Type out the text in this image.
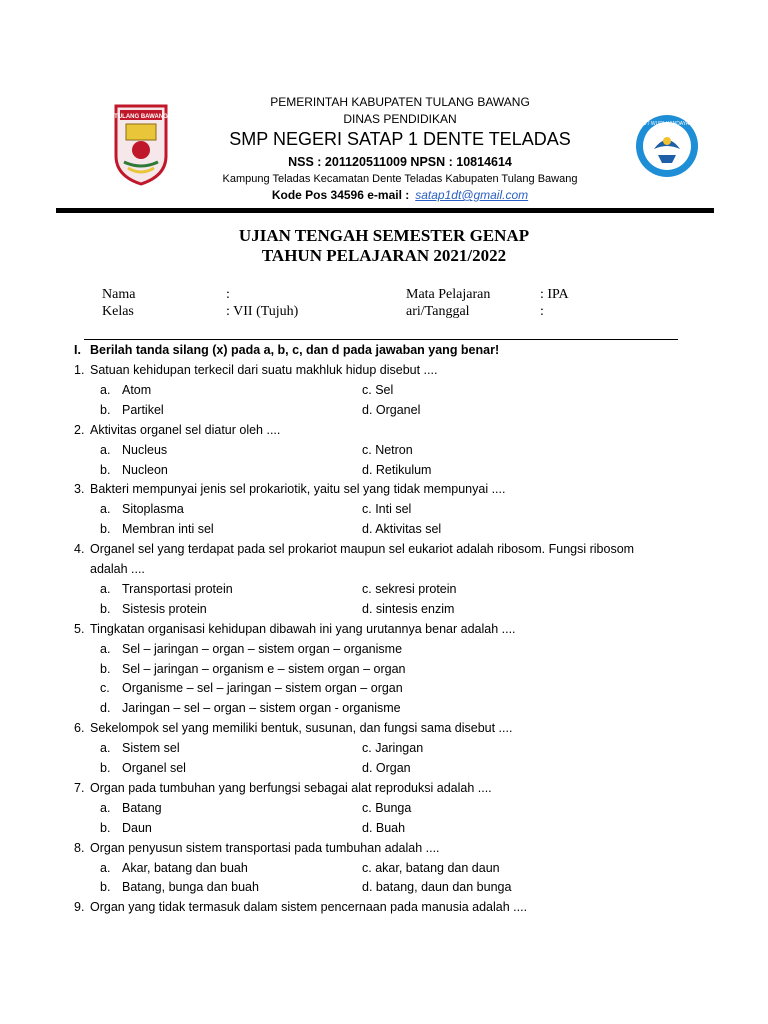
TULANG BAWANG
TUT WURI HANDAYANI
PEMERINTAH KABUPATEN TULANG BAWANG
DINAS PENDIDIKAN
SMP NEGERI SATAP 1 DENTE TELADAS
NSS : 201120511009 NPSN : 10814614
Kampung Teladas Kecamatan Dente Teladas Kabupaten Tulang Bawang
Kode Pos 34596 e-mail : satap1dt@gmail.com
UJIAN TENGAH SEMESTER GENAP
TAHUN PELAJARAN 2021/2022
Nama	:	Mata Pelajaran	: IPA
Kelas	: VII (Tujuh)	ari/Tanggal	:
I. Berilah tanda silang (x) pada a, b, c, dan d pada jawaban yang benar!
1. Satuan kehidupan terkecil dari suatu makhluk hidup disebut ....
a. Atom	c. Sel
b. Partikel	d. Organel
2. Aktivitas organel sel diatur oleh ....
a. Nucleus	c. Netron
b. Nucleon	d. Retikulum
3. Bakteri mempunyai jenis sel prokariotik, yaitu sel yang tidak mempunyai ....
a. Sitoplasma	c. Inti sel
b. Membran inti sel	d. Aktivitas sel
4. Organel sel yang terdapat pada sel prokariot maupun sel eukariot adalah ribosom. Fungsi ribosom
adalah ....
a. Transportasi protein	c. sekresi protein
b. Sistesis protein	d. sintesis enzim
5. Tingkatan organisasi kehidupan dibawah ini yang urutannya benar adalah ....
a. Sel – jaringan – organ – sistem organ – organisme
b. Sel – jaringan – organism e – sistem organ – organ
c. Organisme – sel – jaringan – sistem organ – organ
d. Jaringan – sel – organ – sistem organ - organisme
6. Sekelompok sel yang memiliki bentuk, susunan, dan fungsi sama disebut ....
a. Sistem sel	c. Jaringan
b. Organel sel	d. Organ
7. Organ pada tumbuhan yang berfungsi sebagai alat reproduksi adalah ....
a. Batang	c. Bunga
b. Daun	d. Buah
8. Organ penyusun sistem transportasi pada tumbuhan adalah ....
a. Akar, batang dan buah	c. akar, batang dan daun
b. Batang, bunga dan buah	d. batang, daun dan bunga
9. Organ yang tidak termasuk dalam sistem pencernaan pada manusia adalah ....
